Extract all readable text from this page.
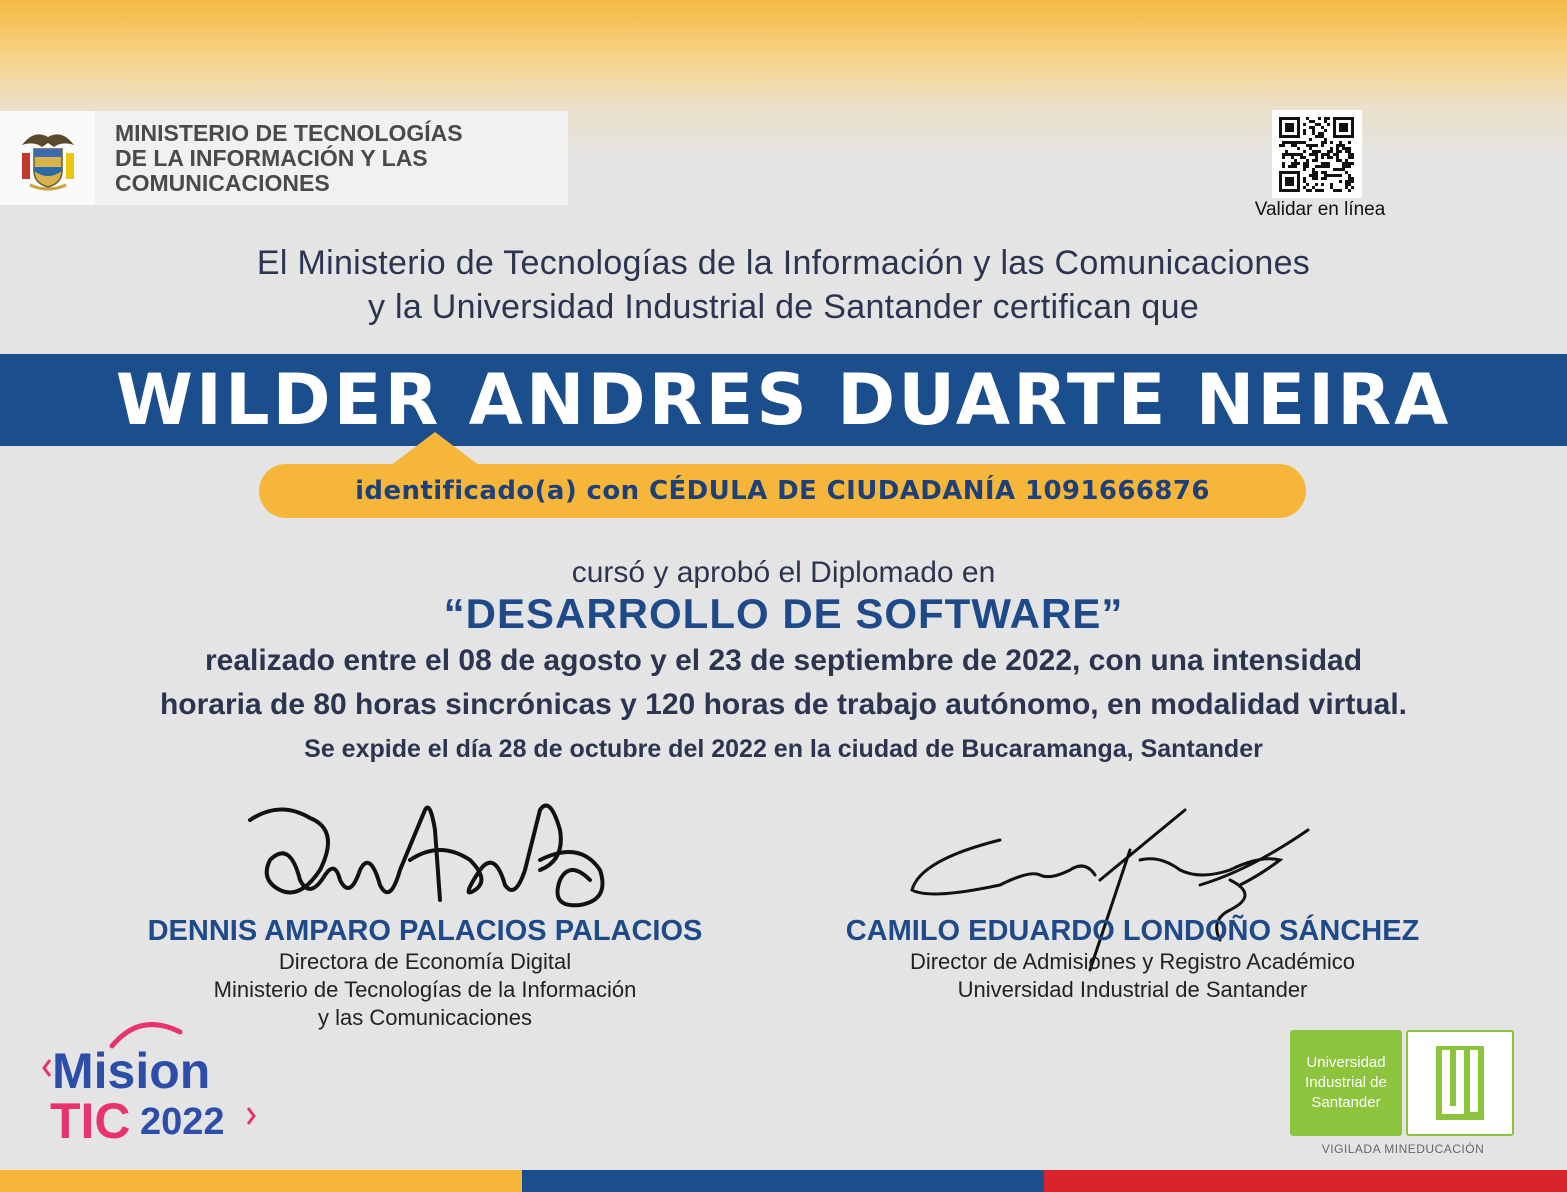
MINISTERIO DE TECNOLOGÍAS
DE LA INFORMACIÓN Y LAS
COMUNICACIONES
Validar en línea
El Ministerio de Tecnologías de la Información y las Comunicaciones
y la Universidad Industrial de Santander certifican que
WILDER ANDRES DUARTE NEIRA
identificado(a) con CÉDULA DE CIUDADANÍA 1091666876
cursó y aprobó el Diplomado en
“DESARROLLO DE SOFTWARE”
realizado entre el 08 de agosto y el 23 de septiembre de 2022, con una intensidad
horaria de 80 horas sincrónicas y 120 horas de trabajo autónomo, en modalidad virtual.
Se expide el día 28 de octubre del 2022 en la ciudad de Bucaramanga, Santander
DENNIS AMPARO PALACIOS PALACIOS
Directora de Economía Digital
Ministerio de Tecnologías de la Información
y las Comunicaciones
CAMILO EDUARDO LONDOÑO SÁNCHEZ
Director de Admisiones y Registro Académico
Universidad Industrial de Santander
Mision
TIC 2022
Universidad
Industrial de
Santander
VIGILADA MINEDUCACIÓN
